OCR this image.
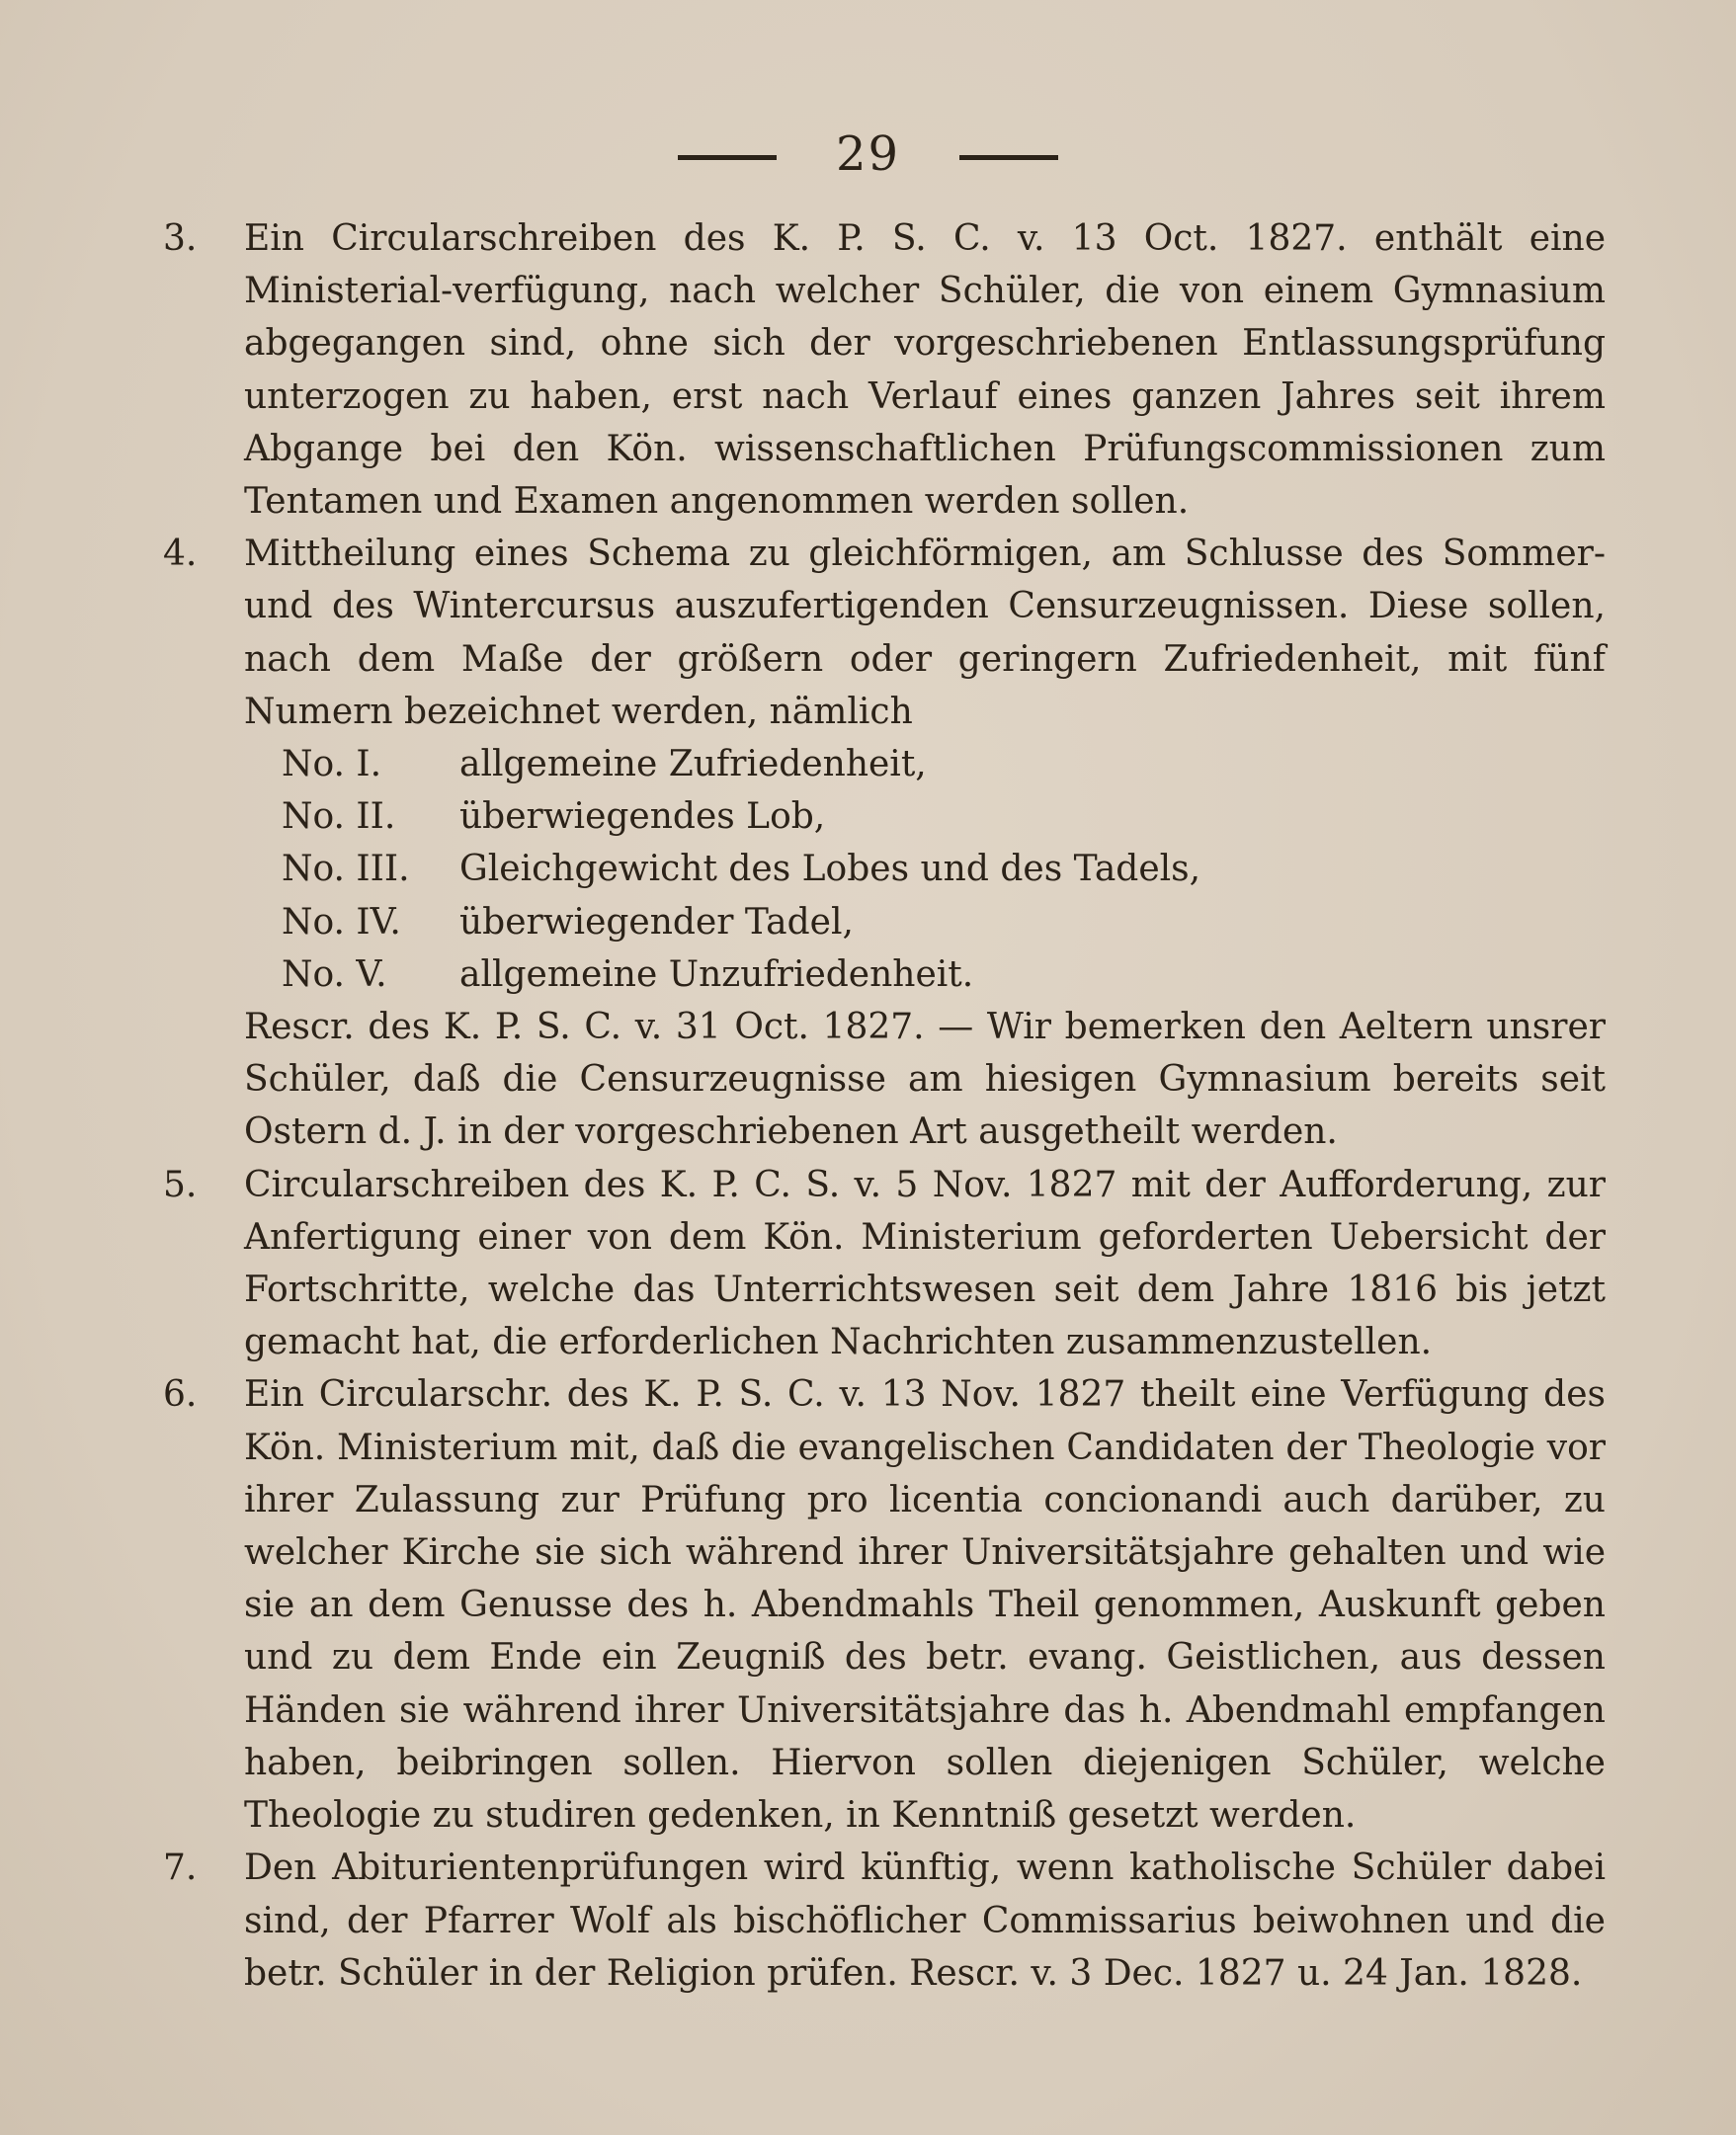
29
3.	Ein Circularschreiben des K. P. S. C. v. 13 Oct. 1827. enthält eine Ministerial-verfügung, nach welcher Schüler, die von einem Gymnasium abgegangen sind, ohne sich der vorgeschriebenen Entlassungsprüfung unterzogen zu haben, erst nach Verlauf eines ganzen Jahres seit ihrem Abgange bei den Kön. wissenschaftlichen Prüfungscommissionen zum Tentamen und Examen angenommen werden sollen.
4.	Mittheilung eines Schema zu gleichförmigen, am Schlusse des Sommer- und des Wintercursus auszufertigenden Censurzeugnissen. Diese sollen, nach dem Maße der größern oder geringern Zufriedenheit, mit fünf Numern bezeichnet werden, nämlich
No. I. allgemeine Zufriedenheit,
No. II. überwiegendes Lob,
No. III. Gleichgewicht des Lobes und des Tadels,
No. IV. überwiegender Tadel,
No. V. allgemeine Unzufriedenheit.
Rescr. des K. P. S. C. v. 31 Oct. 1827. — Wir bemerken den Aeltern unsrer Schüler, daß die Censurzeugnisse am hiesigen Gymnasium bereits seit Ostern d. J. in der vorgeschriebenen Art ausgetheilt werden.
5.	Circularschreiben des K. P. C. S. v. 5 Nov. 1827 mit der Aufforderung, zur Anfertigung einer von dem Kön. Ministerium geforderten Uebersicht der Fortschritte, welche das Unterrichtswesen seit dem Jahre 1816 bis jetzt gemacht hat, die erforderlichen Nachrichten zusammenzustellen.
6.	Ein Circularschr. des K. P. S. C. v. 13 Nov. 1827 theilt eine Verfügung des Kön. Ministerium mit, daß die evangelischen Candidaten der Theologie vor ihrer Zulassung zur Prüfung pro licentia concionandi auch darüber, zu welcher Kirche sie sich während ihrer Universitätsjahre gehalten und wie sie an dem Genusse des h. Abendmahls Theil genommen, Auskunft geben und zu dem Ende ein Zeugniß des betr. evang. Geistlichen, aus dessen Händen sie während ihrer Universitätsjahre das h. Abendmahl empfangen haben, beibringen sollen. Hiervon sollen diejenigen Schüler, welche Theologie zu studiren gedenken, in Kenntniß gesetzt werden.
7.	Den Abiturientenprüfungen wird künftig, wenn katholische Schüler dabei sind, der Pfarrer Wolf als bischöflicher Commissarius beiwohnen und die betr. Schüler in der Religion prüfen. Rescr. v. 3 Dec. 1827 u. 24 Jan. 1828.
